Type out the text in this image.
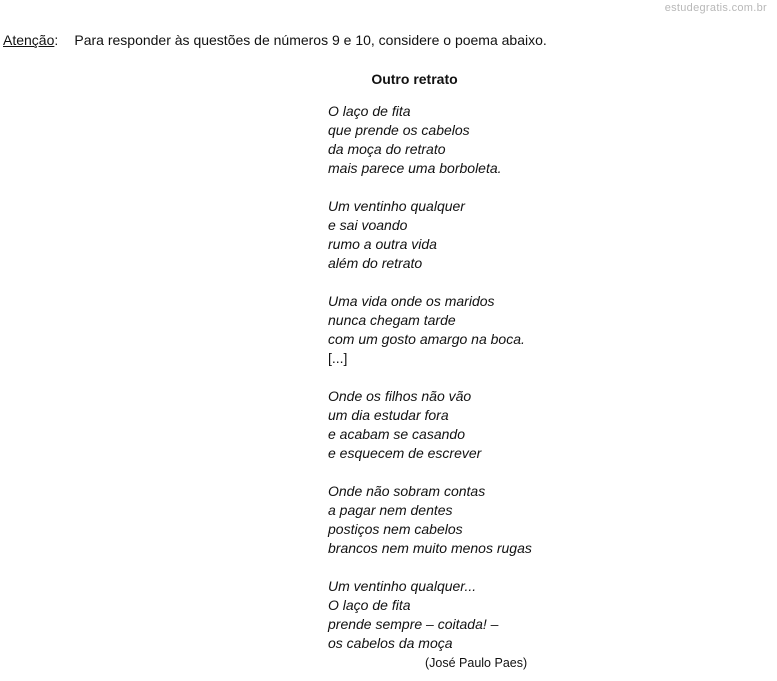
estudegratis.com.br
Atenção: Para responder às questões de números 9 e 10, considere o poema abaixo.
Outro retrato
O laço de fita
que prende os cabelos
da moça do retrato
mais parece uma borboleta.
Um ventinho qualquer
e sai voando
rumo a outra vida
além do retrato
Uma vida onde os maridos
nunca chegam tarde
com um gosto amargo na boca.
[...]
Onde os filhos não vão
um dia estudar fora
e acabam se casando
e esquecem de escrever
Onde não sobram contas
a pagar nem dentes
postiços nem cabelos
brancos nem muito menos rugas
Um ventinho qualquer...
O laço de fita
prende sempre – coitada! –
os cabelos da moça
(José Paulo Paes)
